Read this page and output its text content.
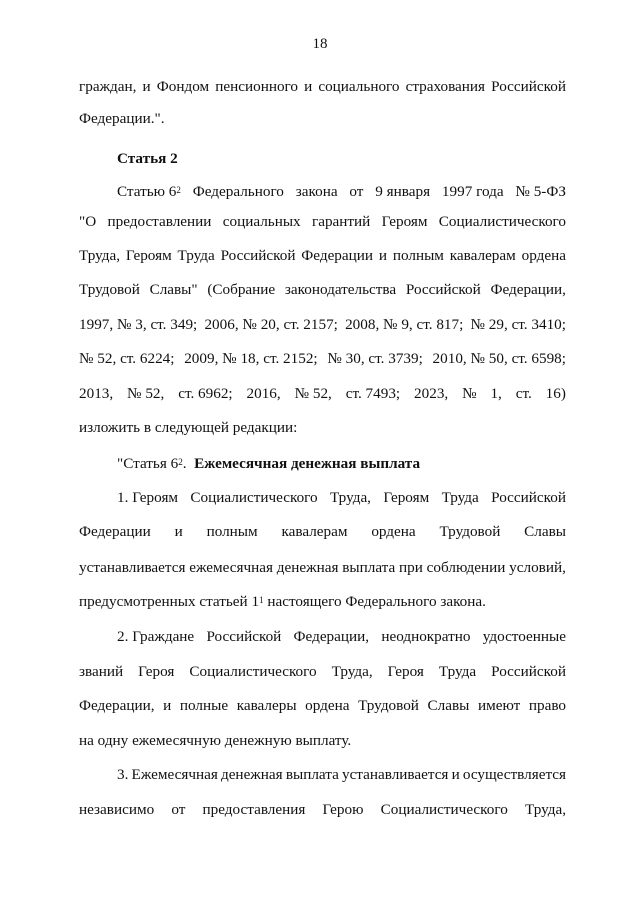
18
граждан, и Фондом пенсионного и социального страхования Российской
Федерации.".
Статья 2
Статью $6^2$ Федерального закона от 9 января 1997 года № 5-ФЗ
"О предоставлении социальных гарантий Героям Социалистического
Труда, Героям Труда Российской Федерации и полным кавалерам ордена
Трудовой Славы" (Собрание законодательства Российской Федерации,
1997, № 3, ст. 349; 2006, № 20, ст. 2157; 2008, № 9, ст. 817; № 29, ст. 3410;
№ 52, ст. 6224; 2009, № 18, ст. 2152; № 30, ст. 3739; 2010, № 50, ст. 6598;
2013, № 52, ст. 6962; 2016, № 52, ст. 7493; 2023, № 1, ст. 16)
изложить в следующей редакции:
"Статья $6^2$. Ежемесячная денежная выплата
1. Героям Социалистического Труда, Героям Труда Российской
Федерации и полным кавалерам ордена Трудовой Славы
устанавливается ежемесячная денежная выплата при соблюдении условий,
предусмотренных статьей $1^1$ настоящего Федерального закона.
2. Граждане Российской Федерации, неоднократно удостоенные
званий Героя Социалистического Труда, Героя Труда Российской
Федерации, и полные кавалеры ордена Трудовой Славы имеют право
на одну ежемесячную денежную выплату.
3. Ежемесячная денежная выплата устанавливается и осуществляется
независимо от предоставления Герою Социалистического Труда,
